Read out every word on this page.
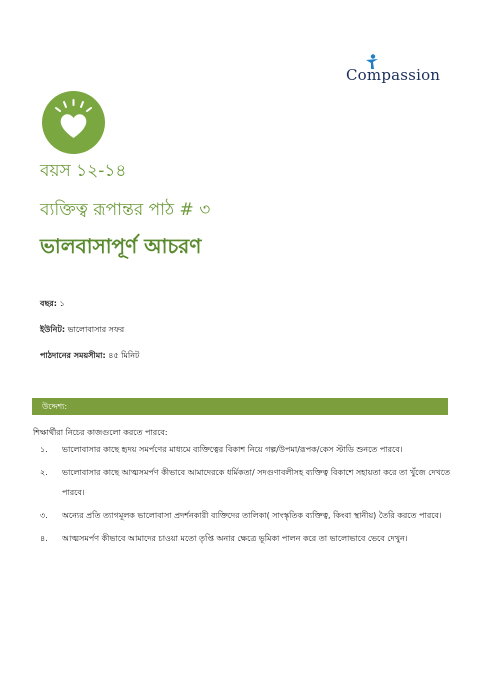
Compassion
বয়স ১২-১৪
ব্যক্তিত্ব রূপান্তর পাঠ # ৩
ভালবাসাপূর্ণ আচরণ
বছর: ১
ইউনিট: ভালোবাসার সফর
পাঠদানের সময়সীমা: ৪৫ মিনিট
উদ্দেশ্য:
শিক্ষার্থীরা নিচের কাজগুলো করতে পারবে:
১. ভালোবাসার কাছে হৃদয় সমর্পণের মাধ্যমে ব্যক্তিত্বের বিকাশ নিয়ে গল্প/উপমা/রূপক/কেস স্টাডি শুনতে পারবে।
২. ভালোবাসার কাছে আত্মসমর্পণ কীভাবে আমাদেরকে ধর্মিকতা/ সদগুণাবলীসহ ব্যক্তিত্ব বিকাশে সহায়তা করে তা খুঁজে দেখতে পারবে।
৩. অন্যের প্রতি ত্যাগমূলক ভালোবাসা প্রদর্শনকারী ব্যক্তিদের তালিকা( সাংস্কৃতিক ব্যক্তিত্ব, কিংবা স্থানীয়) তৈরি করতে পারবে।
৪. আত্মসমর্পণ কীভাবে আমাদের চাওয়া মতো তৃপ্তি অনার ক্ষেত্রে ভূমিকা পালন করে তা ভালোভাবে ভেবে দেখুন।
